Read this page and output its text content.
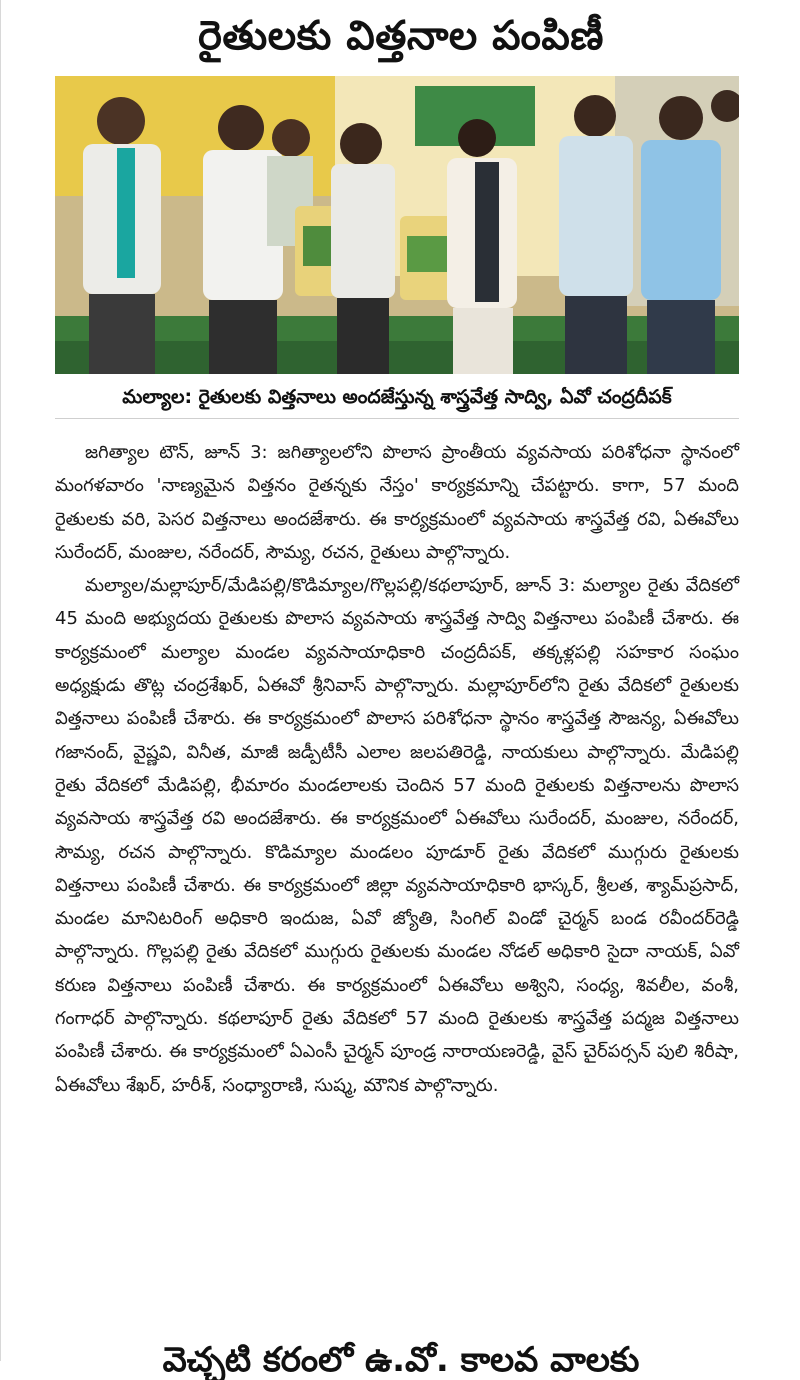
రైతులకు విత్తనాల పంపిణీ
మల్యాల: రైతులకు విత్తనాలు అందజేస్తున్న శాస్త్రవేత్త సాద్వి, ఏవో చంద్రదీపక్

జగిత్యాల టౌన్, జూన్ 3: జగిత్యాలలోని పొలాస ప్రాంతీయ వ్యవసాయ పరిశోధనా స్థానంలో మంగళవారం 'నాణ్యమైన విత్తనం రైతన్నకు నేస్తం' కార్యక్రమాన్ని చేపట్టారు. కాగా, 57 మంది రైతులకు వరి, పెసర విత్తనాలు అందజేశారు. ఈ కార్యక్రమంలో వ్యవసాయ శాస్త్రవేత్త రవి, ఏఈవోలు సురేందర్, మంజుల, నరేందర్, సౌమ్య, రచన, రైతులు పాల్గొన్నారు.

మల్యాల/మల్లాపూర్/మేడిపల్లి/కొడిమ్యాల/గొల్లపల్లి/కథలాపూర్, జూన్ 3: మల్యాల రైతు వేదికలో 45 మంది అభ్యుదయ రైతులకు పొలాస వ్యవసాయ శాస్త్రవేత్త సాద్వి విత్తనాలు పంపిణీ చేశారు. ఈ కార్యక్రమంలో మల్యాల మండల వ్యవసాయాధికారి చంద్రదీపక్, తక్కళ్లపల్లి సహకార సంఘం అధ్యక్షుడు తొట్ల చంద్రశేఖర్, ఏఈవో శ్రీనివాస్ పాల్గొన్నారు. మల్లాపూర్‌లోని రైతు వేదికలో రైతులకు విత్తనాలు పంపిణీ చేశారు. ఈ కార్యక్రమంలో పొలాస పరిశోధనా స్థానం శాస్త్రవేత్త సౌజన్య, ఏఈవోలు గజానంద్, వైష్ణవి, వినీత, మాజీ జడ్పీటీసీ ఎలాల జలపతిరెడ్డి, నాయకులు పాల్గొన్నారు. మేడిపల్లి రైతు వేదికలో మేడిపల్లి, భీమారం మండలాలకు చెందిన 57 మంది రైతులకు విత్తనాలను పొలాస వ్యవసాయ శాస్త్రవేత్త రవి అందజేశారు. ఈ కార్యక్రమంలో ఏఈవోలు సురేందర్, మంజుల, నరేందర్, సౌమ్య, రచన పాల్గొన్నారు. కొడిమ్యాల మండలం పూడూర్ రైతు వేదికలో ముగ్గురు రైతులకు విత్తనాలు పంపిణీ చేశారు. ఈ కార్యక్రమంలో జిల్లా వ్యవసాయాధికారి భాస్కర్, శ్రీలత, శ్యామ్‌ప్రసాద్, మండల మానిటరింగ్ అధికారి ఇందుజ, ఏవో జ్యోతి, సింగిల్ విండో చైర్మన్ బండ రవీందర్‌రెడ్డి పాల్గొన్నారు. గొల్లపల్లి రైతు వేదికలో ముగ్గురు రైతులకు మండల నోడల్ అధికారి సైదా నాయక్, ఏవో కరుణ విత్తనాలు పంపిణీ చేశారు. ఈ కార్యక్రమంలో ఏఈవోలు అశ్విని, సంధ్య, శివలీల, వంశీ, గంగాధర్ పాల్గొన్నారు. కథలాపూర్ రైతు వేదికలో 57 మంది రైతులకు శాస్త్రవేత్త పద్మజ విత్తనాలు పంపిణీ చేశారు. ఈ కార్యక్రమంలో ఏఎంసీ చైర్మన్ పూండ్ర నారాయణరెడ్డి, వైస్ చైర్‌పర్సన్ పులి శిరీషా, ఏఈవోలు శేఖర్, హరీశ్, సంధ్యారాణి, సుష్మ, మౌనిక పాల్గొన్నారు.

వెచ్చటి కరంలో ఉ.వో. కాలవ వాలకు
